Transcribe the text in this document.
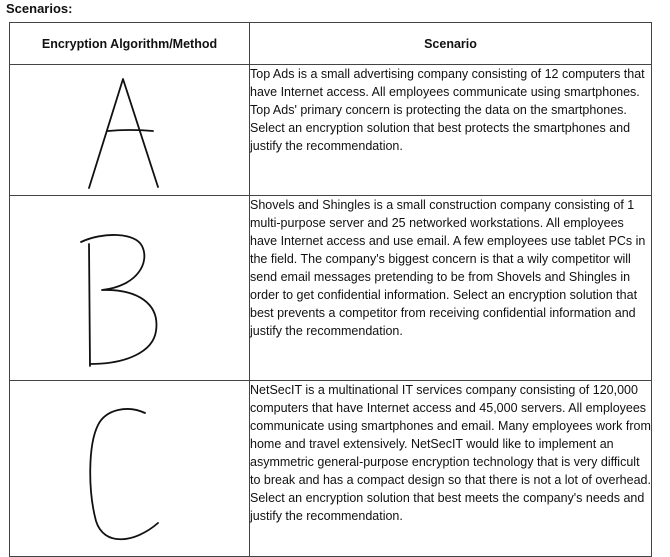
Scenarios:
Encryption Algorithm/Method	Scenario

	Top Ads is a small advertising company consisting of 12 computers that have Internet access. All employees communicate using smartphones. Top Ads' primary concern is protecting the data on the smartphones. Select an encryption solution that best protects the smartphones and justify the recommendation.

	Shovels and Shingles is a small construction company consisting of 1 multi-purpose server and 25 networked workstations. All employees have Internet access and use email. A few employees use tablet PCs in the field. The company's biggest concern is that a wily competitor will send email messages pretending to be from Shovels and Shingles in order to get confidential information. Select an encryption solution that best prevents a competitor from receiving confidential information and justify the recommendation.

	NetSecIT is a multinational IT services company consisting of 120,000 computers that have Internet access and 45,000 servers. All employees communicate using smartphones and email. Many employees work from home and travel extensively. NetSecIT would like to implement an asymmetric general-purpose encryption technology that is very difficult to break and has a compact design so that there is not a lot of overhead. Select an encryption solution that best meets the company's needs and justify the recommendation.
